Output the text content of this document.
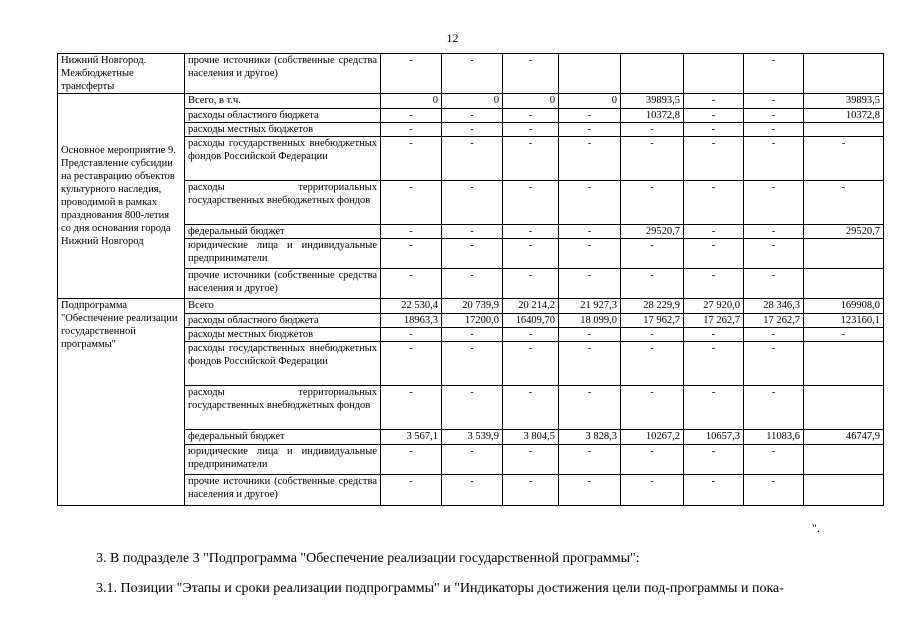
12
Нижний Новгород. Межбюджетные трансферты	прочие источники (собственные средства населения и другое)	-	-	-				-	
Основное мероприятие 9. Представление субсидии на реставрацию объектов культурного наследия, проводимой в рамках празднования 800-летия со дня основания города Нижний Новгород	Всего, в т.ч.	0	0	0	0	39893,5	-	-	39893,5
	расходы областного бюджета	-	-	-	-	10372,8	-	-	10372,8
	расходы местных бюджетов	-	-	-	-	-	-	-	
	расходы государственных внебюджетных фондов Российской Федерации	-	-	-	-	-	-	-	-
	расходы территориальных государственных внебюджетных фондов	-	-	-	-	-	-	-	-
	федеральный бюджет	-	-	-	-	29520,7	-	-	29520,7
	юридические лица и индивидуальные предприниматели	-	-	-	-	-	-	-	
	прочие источники (собственные средства населения и другое)	-	-	-	-	-	-	-	
Подпрограмма "Обеспечение реализации государственной программы"	Всего	22 530,4	20 739,9	20 214,2	21 927,3	28 229,9	27 920,0	28 346,3	169908,0
	расходы областного бюджета	18963,3	17200,0	16409,70	18 099,0	17 962,7	17 262,7	17 262,7	123160,1
	расходы местных бюджетов	-	-	-	-	-	-	-	-
	расходы государственных внебюджетных фондов Российской Федерации	-	-	-	-	-	-	-	
	расходы территориальных государственных внебюджетных фондов	-	-	-	-	-	-	-	
	федеральный бюджет	3 567,1	3 539,9	3 804,5	3 828,3	10267,2	10657,3	11083,6	46747,9
	юридические лица и индивидуальные предприниматели	-	-	-	-	-	-	-	
	прочие источники (собственные средства населения и другое)	-	-	-	-	-	-	-	
".
3. В подразделе 3 "Подпрограмма "Обеспечение реализации государственной программы":
3.1. Позиции "Этапы и сроки реализации подпрограммы" и "Индикаторы достижения цели под-программы и пока-
